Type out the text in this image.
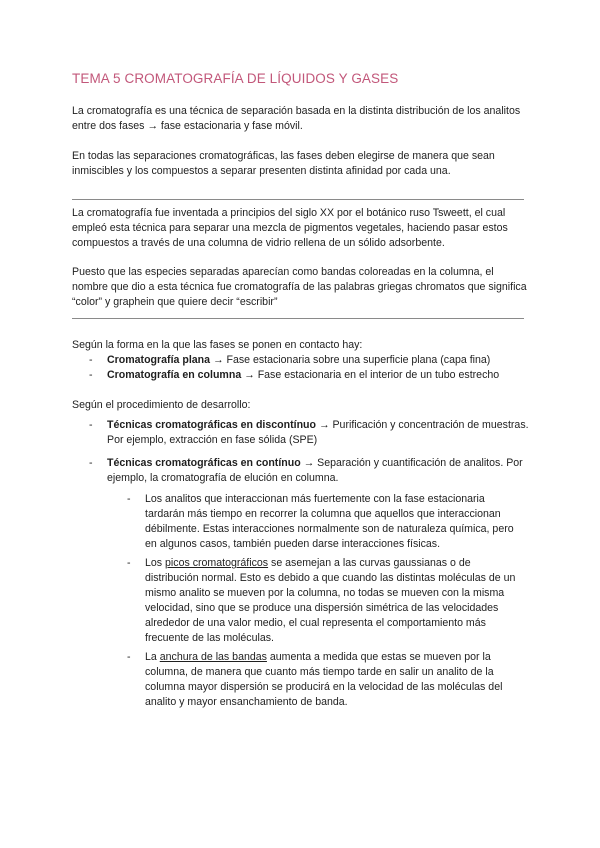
TEMA 5 CROMATOGRAFÍA DE LÍQUIDOS Y GASES

La cromatografía es una técnica de separación basada en la distinta distribución de los analitos entre dos fases → fase estacionaria y fase móvil.

En todas las separaciones cromatográficas, las fases deben elegirse de manera que sean inmiscibles y los compuestos a separar presenten distinta afinidad por cada una.

La cromatografía fue inventada a principios del siglo XX por el botánico ruso Tsweett, el cual empleó esta técnica para separar una mezcla de pigmentos vegetales, haciendo pasar estos compuestos a través de una columna de vidrio rellena de un sólido adsorbente.

Puesto que las especies separadas aparecían como bandas coloreadas en la columna, el nombre que dio a esta técnica fue cromatografía de las palabras griegas chromatos que significa “color” y graphein que quiere decir “escribir”

Según la forma en la que las fases se ponen en contacto hay:

- Cromatografía plana → Fase estacionaria sobre una superficie plana (capa fina)
- Cromatografía en columna → Fase estacionaria en el interior de un tubo estrecho

Según el procedimiento de desarrollo:

- Técnicas cromatográficas en discontínuo → Purificación y concentración de muestras. Por ejemplo, extracción en fase sólida (SPE)
- Técnicas cromatográficas en contínuo → Separación y cuantificación de analitos. Por ejemplo, la cromatografía de elución en columna.
- Los analitos que interaccionan más fuertemente con la fase estacionaria tardarán más tiempo en recorrer la columna que aquellos que interaccionan débilmente. Estas interacciones normalmente son de naturaleza química, pero en algunos casos, también pueden darse interacciones físicas.
- Los picos cromatográficos se asemejan a las curvas gaussianas o de distribución normal. Esto es debido a que cuando las distintas moléculas de un mismo analito se mueven por la columna, no todas se mueven con la misma velocidad, sino que se produce una dispersión simétrica de las velocidades alrededor de una valor medio, el cual representa el comportamiento más frecuente de las moléculas.
- La anchura de las bandas aumenta a medida que estas se mueven por la columna, de manera que cuanto más tiempo tarde en salir un analito de la columna mayor dispersión se producirá en la velocidad de las moléculas del analito y mayor ensanchamiento de banda.
